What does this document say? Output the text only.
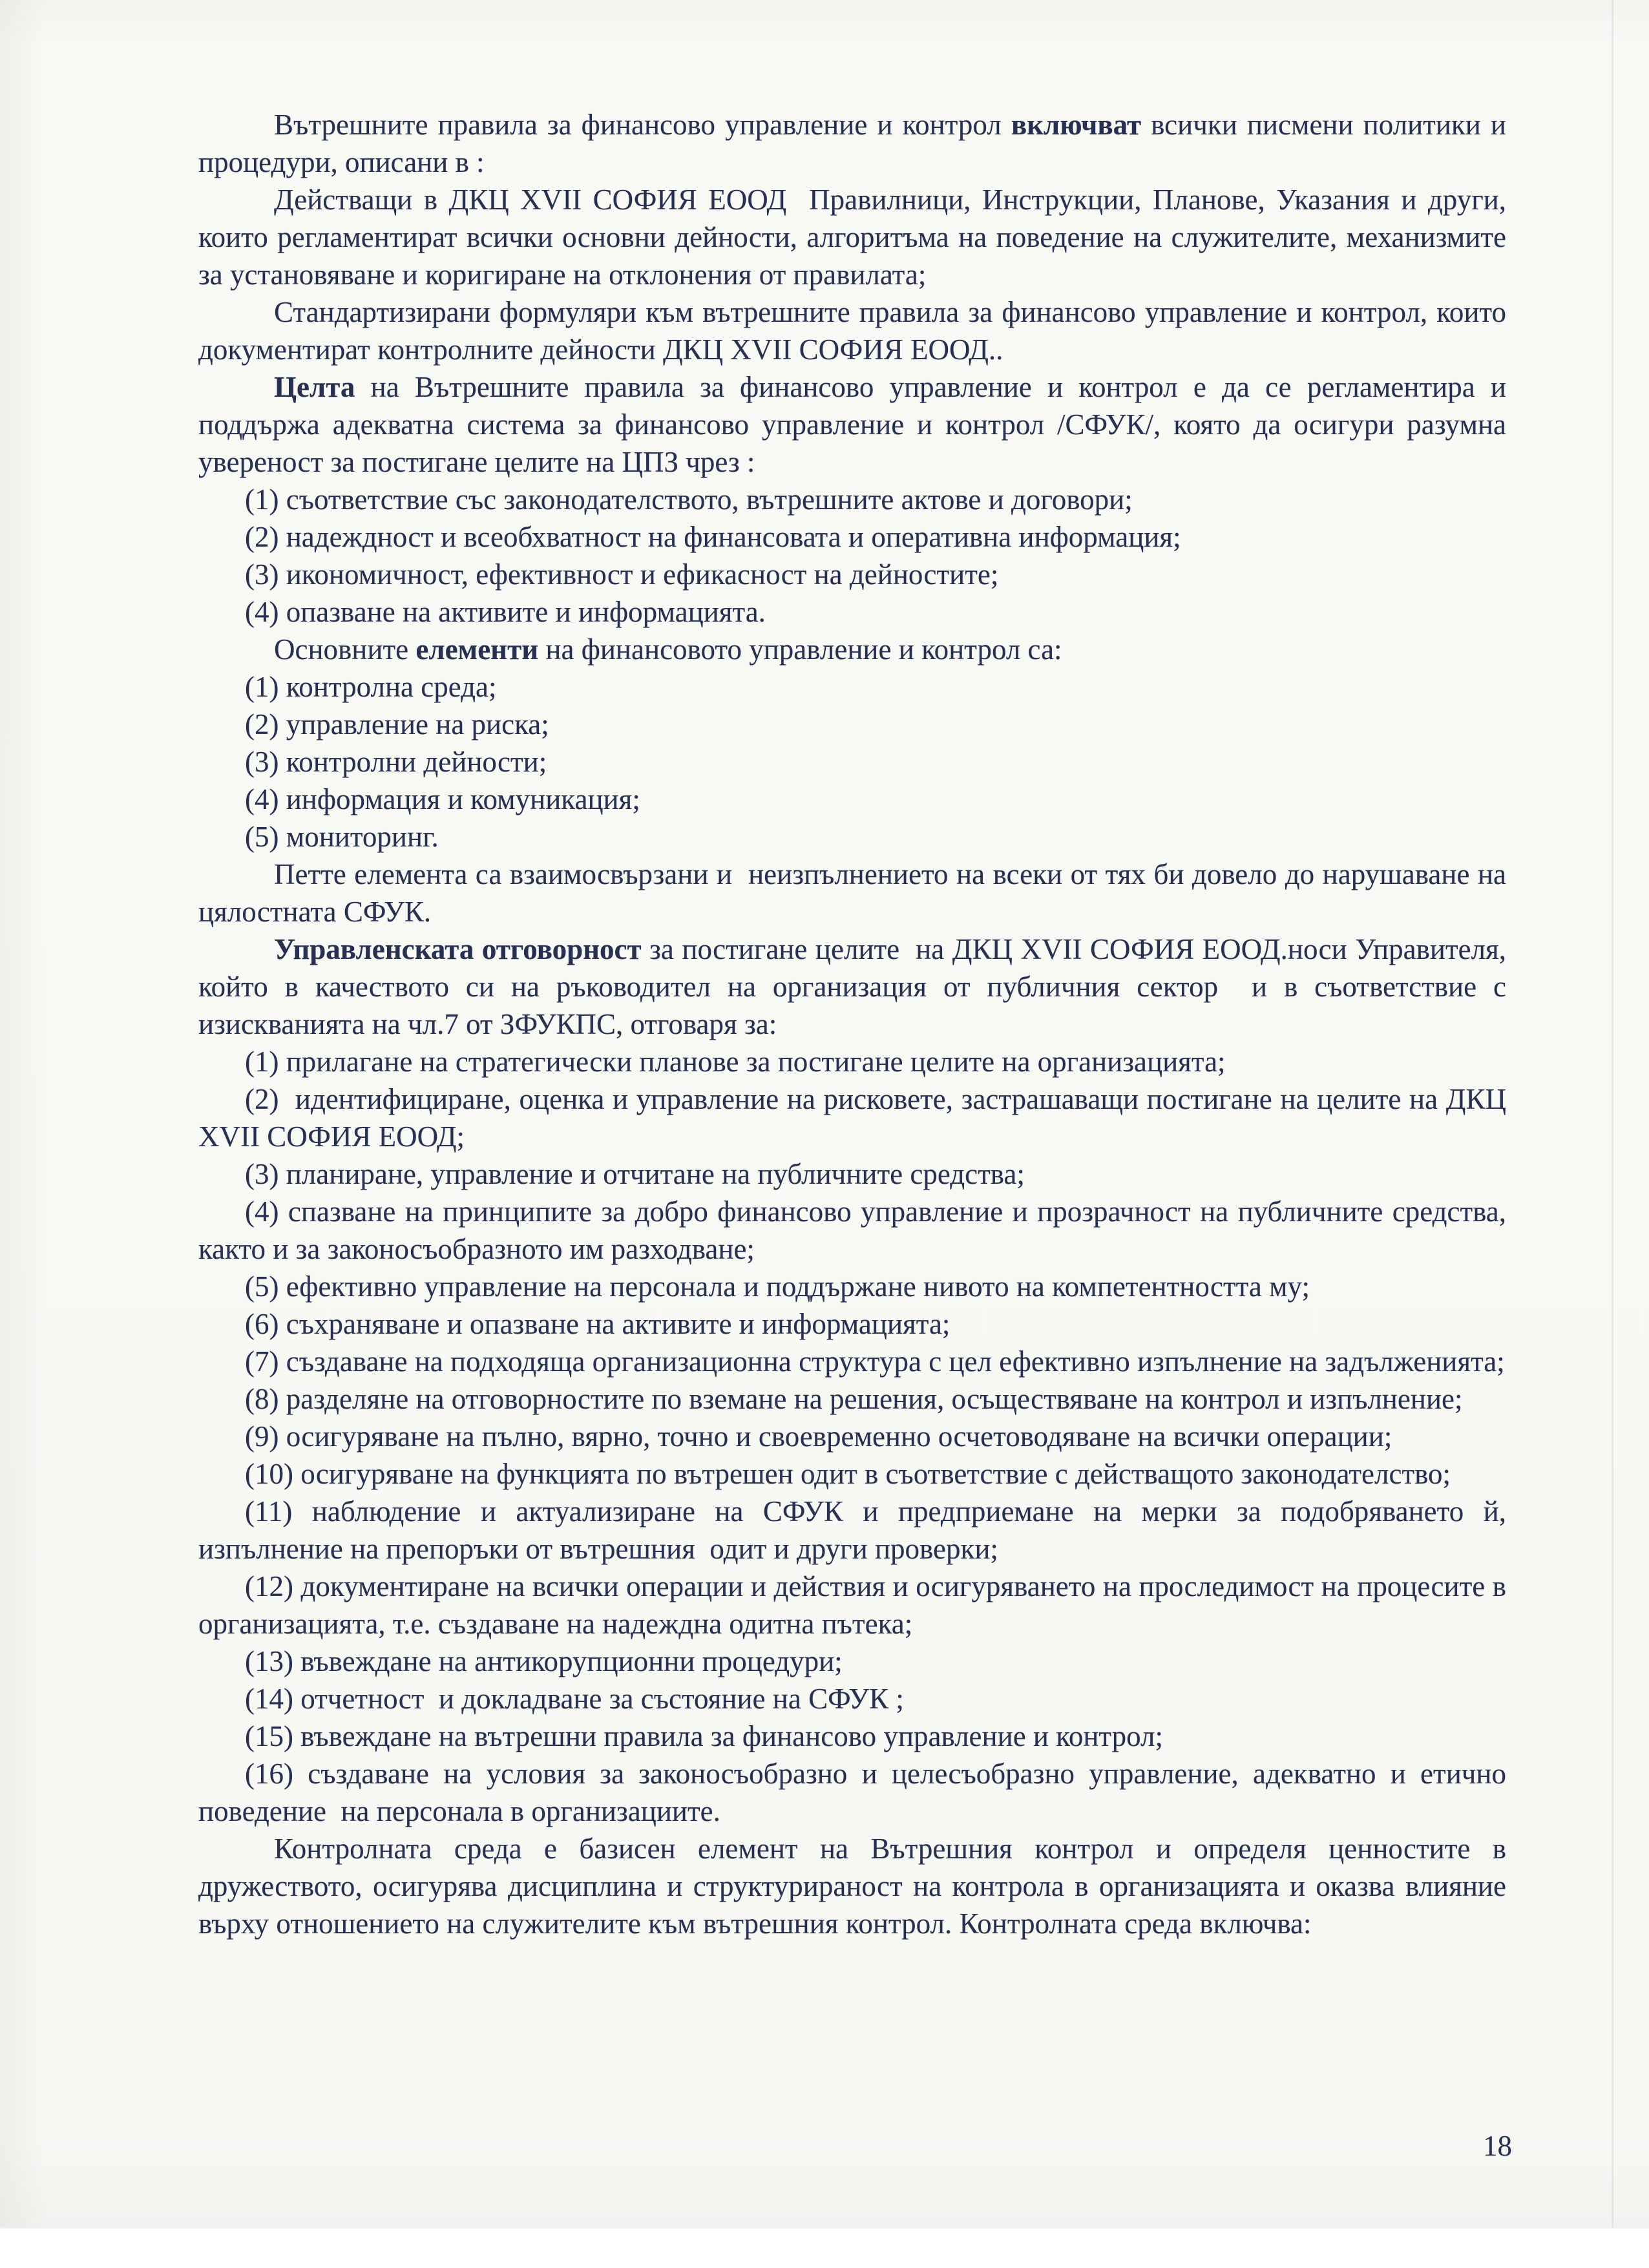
Вътрешните правила за финансово управление и контрол включват всички писмени политики и процедури, описани в :

Действащи в ДКЦ XVII СОФИЯ ЕООД  Правилници, Инструкции, Планове, Указания и други, които регламентират всички основни дейности, алгоритъма на поведение на служителите, механизмите за установяване и коригиране на отклонения от правилата;

Стандартизирани формуляри към вътрешните правила за финансово управление и контрол, които документират контролните дейности ДКЦ XVII СОФИЯ ЕООД..

Целта на Вътрешните правила за финансово управление и контрол е да се регламентира и поддържа адекватна система за финансово управление и контрол /СФУК/, която да осигури разумна увереност за постигане целите на ЦПЗ чрез :

(1) съответствие със законодателството, вътрешните актове и договори;

(2) надеждност и всеобхватност на финансовата и оперативна информация;

(3) икономичност, ефективност и ефикасност на дейностите;

(4) опазване на активите и информацията.

Основните елементи на финансовото управление и контрол са:

(1) контролна среда;

(2) управление на риска;

(3) контролни дейности;

(4) информация и комуникация;

(5) мониторинг.

Петте елемента са взаимосвързани и  неизпълнението на всеки от тях би довело до нарушаване на цялостната СФУК.

Управленската отговорност за постигане целите  на ДКЦ XVII СОФИЯ ЕООД.носи Управителя, който в качеството си на ръководител на организация от публичния сектор  и в съответствие с изискванията на чл.7 от ЗФУКПС, отговаря за:

(1) прилагане на стратегически планове за постигане целите на организацията;

(2)  идентифициране, оценка и управление на рисковете, застрашаващи постигане на целите на ДКЦ XVII СОФИЯ ЕООД;

(3) планиране, управление и отчитане на публичните средства;

(4) спазване на принципите за добро финансово управление и прозрачност на публичните средства, както и за законосъобразното им разходване;

(5) ефективно управление на персонала и поддържане нивото на компетентността му;

(6) съхраняване и опазване на активите и информацията;

(7) създаване на подходяща организационна структура с цел ефективно изпълнение на задълженията;

(8) разделяне на отговорностите по вземане на решения, осъществяване на контрол и изпълнение;

(9) осигуряване на пълно, вярно, точно и своевременно осчетоводяване на всички операции;

(10) осигуряване на функцията по вътрешен одит в съответствие с действащото законодателство;

(11) наблюдение и актуализиране на СФУК и предприемане на мерки за подобряването й, изпълнение на препоръки от вътрешния  одит и други проверки;

(12) документиране на всички операции и действия и осигуряването на проследимост на процесите в организацията, т.е. създаване на надеждна одитна пътека;

(13) въвеждане на антикорупционни процедури;

(14) отчетност  и докладване за състояние на СФУК ;

(15) въвеждане на вътрешни правила за финансово управление и контрол;

(16) създаване на условия за законосъобразно и целесъобразно управление, адекватно и етично поведение  на персонала в организациите.

Контролната среда е базисен елемент на Вътрешния контрол и определя ценностите в дружеството, осигурява дисциплина и структурираност на контрола в организацията и оказва влияние върху отношението на служителите към вътрешния контрол. Контролната среда включва:

18
